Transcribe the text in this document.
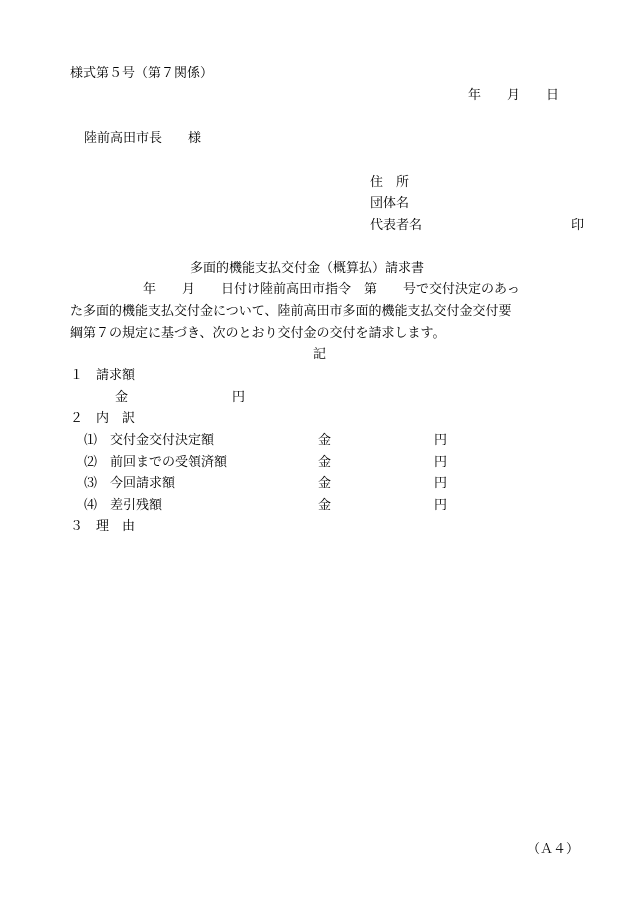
様式第５号（第７関係）
年　　月　　日
陸前高田市長　　様
住　所
団体名
代表者名	印
多面的機能支払交付金（概算払）請求書
年　　月　　日付け陸前高田市指令　第　　号で交付決定のあっ
た多面的機能支払交付金について、陸前高田市多面的機能支払交付金交付要
綱第７の規定に基づき、次のとおり交付金の交付を請求します。
記
１　請求額
金	円
２　内　訳
⑴　交付金交付決定額	金	円
⑵　前回までの受領済額	金	円
⑶　今回請求額	金	円
⑷　差引残額	金	円
３　理　由
（Ａ４）
